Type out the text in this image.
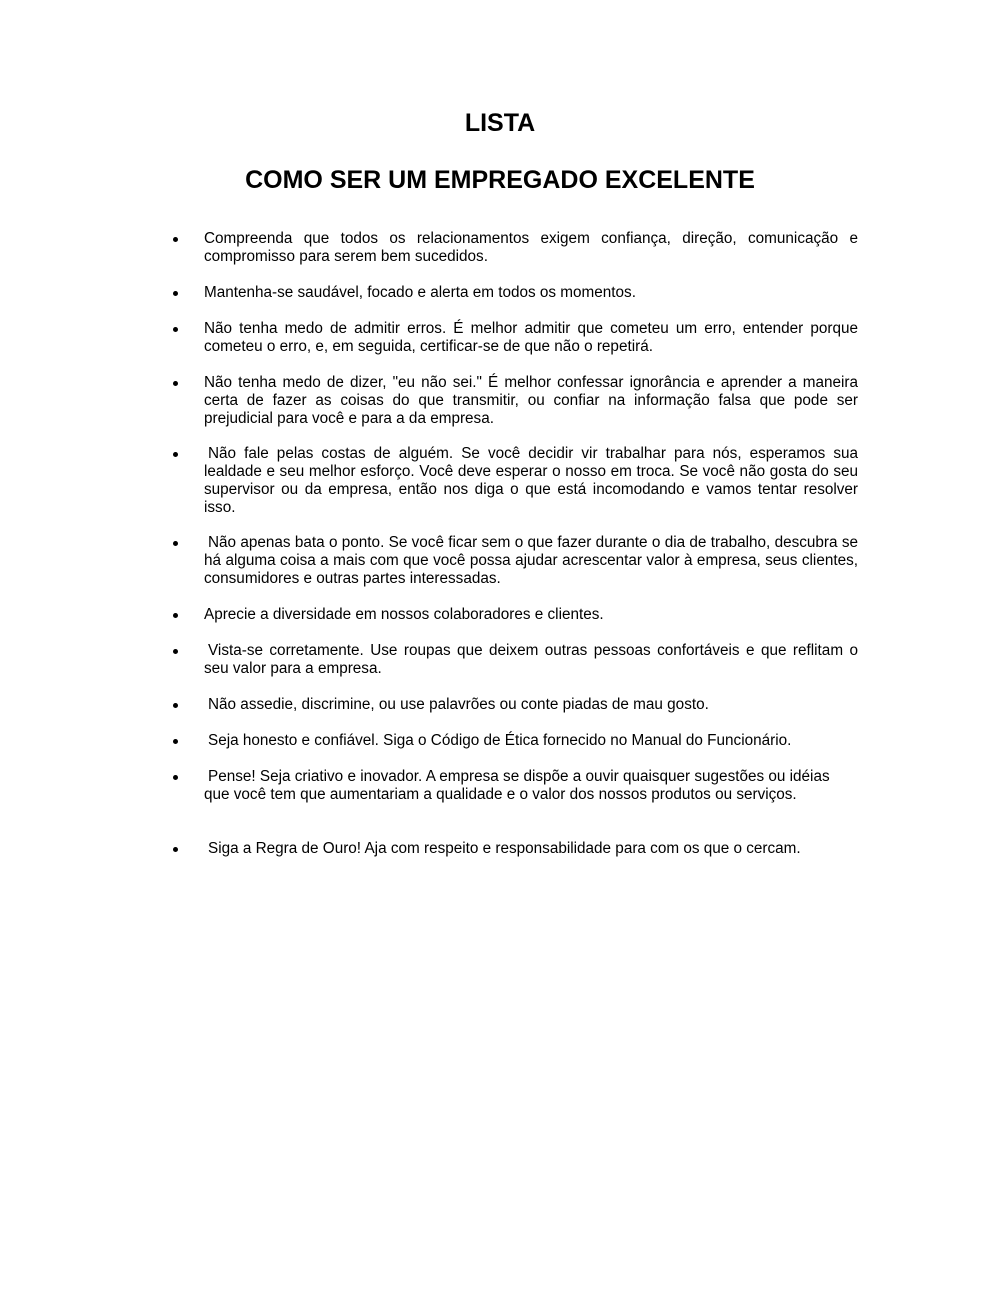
LISTA
COMO SER UM EMPREGADO EXCELENTE
Compreenda que todos os relacionamentos exigem confiança, direção, comunicação e compromisso para serem bem sucedidos.
Mantenha-se saudável, focado e alerta em todos os momentos.
Não tenha medo de admitir erros. É melhor admitir que cometeu um erro, entender porque cometeu o erro, e, em seguida, certificar-se de que não o repetirá.
Não tenha medo de dizer, "eu não sei." É melhor confessar ignorância e aprender a maneira certa de fazer as coisas do que transmitir, ou confiar na informação falsa que pode ser prejudicial para você e para a da empresa.
Não fale pelas costas de alguém. Se você decidir vir trabalhar para nós, esperamos sua lealdade e seu melhor esforço. Você deve esperar o nosso em troca. Se você não gosta do seu supervisor ou da empresa, então nos diga o que está incomodando e vamos tentar resolver isso.
Não apenas bata o ponto. Se você ficar sem o que fazer durante o dia de trabalho, descubra se há alguma coisa a mais com que você possa ajudar acrescentar valor à empresa, seus clientes, consumidores e outras partes interessadas.
Aprecie a diversidade em nossos colaboradores e clientes.
Vista-se corretamente. Use roupas que deixem outras pessoas confortáveis e que reflitam o seu valor para a empresa.
Não assedie, discrimine, ou use palavrões ou conte piadas de mau gosto.
Seja honesto e confiável. Siga o Código de Ética fornecido no Manual do Funcionário.
Pense! Seja criativo e inovador. A empresa se dispõe a ouvir quaisquer sugestões ou idéias que você tem que aumentariam a qualidade e o valor dos nossos produtos ou serviços.
Siga a Regra de Ouro! Aja com respeito e responsabilidade para com os que o cercam.
